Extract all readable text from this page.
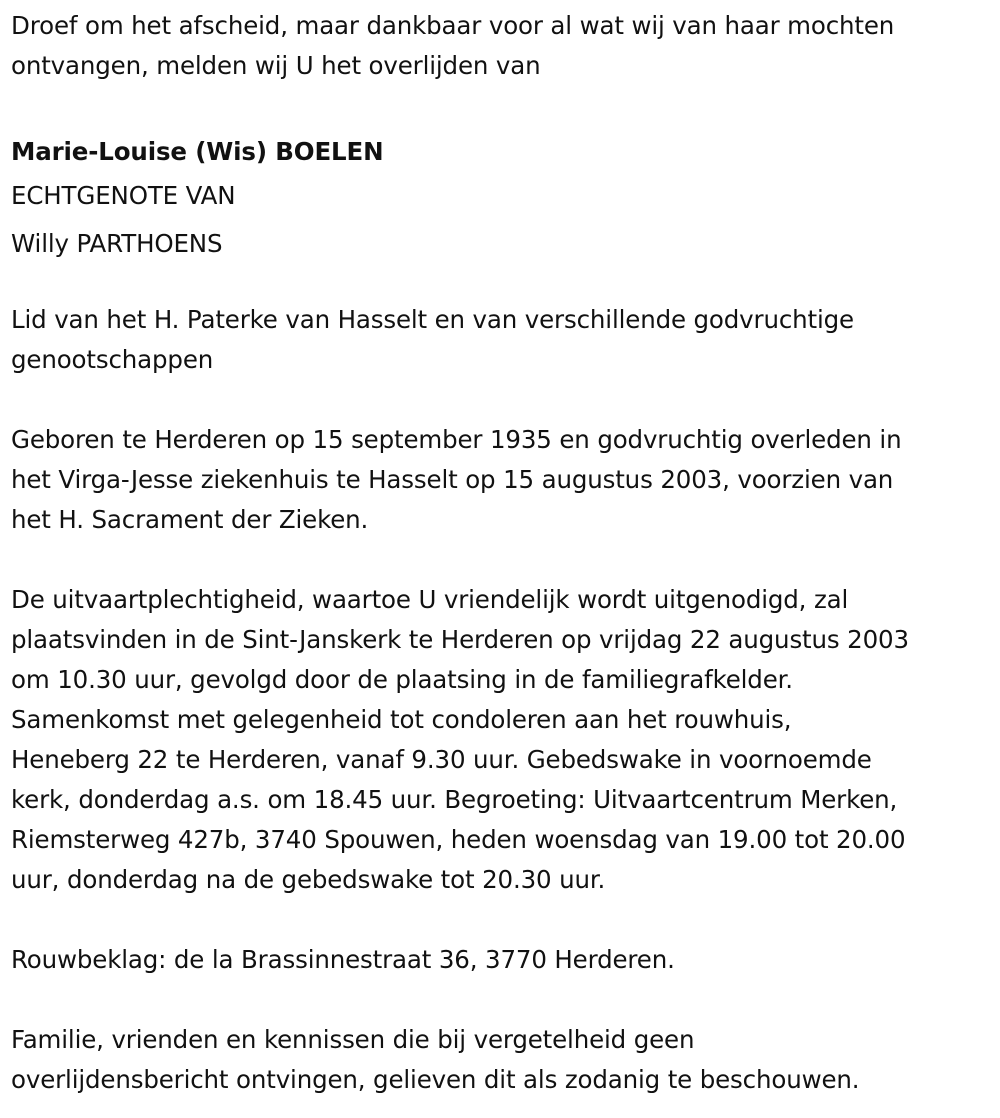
Droef om het afscheid, maar dankbaar voor al wat wij van haar mochten
ontvangen, melden wij U het overlijden van
Marie-Louise (Wis) BOELEN
ECHTGENOTE VAN
Willy PARTHOENS
Lid van het H. Paterke van Hasselt en van verschillende godvruchtige
genootschappen
Geboren te Herderen op 15 september 1935 en godvruchtig overleden in
het Virga-Jesse ziekenhuis te Hasselt op 15 augustus 2003, voorzien van
het H. Sacrament der Zieken.
De uitvaartplechtigheid, waartoe U vriendelijk wordt uitgenodigd, zal
plaatsvinden in de Sint-Janskerk te Herderen op vrijdag 22 augustus 2003
om 10.30 uur, gevolgd door de plaatsing in de familiegrafkelder.
Samenkomst met gelegenheid tot condoleren aan het rouwhuis,
Heneberg 22 te Herderen, vanaf 9.30 uur. Gebedswake in voornoemde
kerk, donderdag a.s. om 18.45 uur. Begroeting: Uitvaartcentrum Merken,
Riemsterweg 427b, 3740 Spouwen, heden woensdag van 19.00 tot 20.00
uur, donderdag na de gebedswake tot 20.30 uur.
Rouwbeklag: de la Brassinnestraat 36, 3770 Herderen.
Familie, vrienden en kennissen die bij vergetelheid geen
overlijdensbericht ontvingen, gelieven dit als zodanig te beschouwen.
